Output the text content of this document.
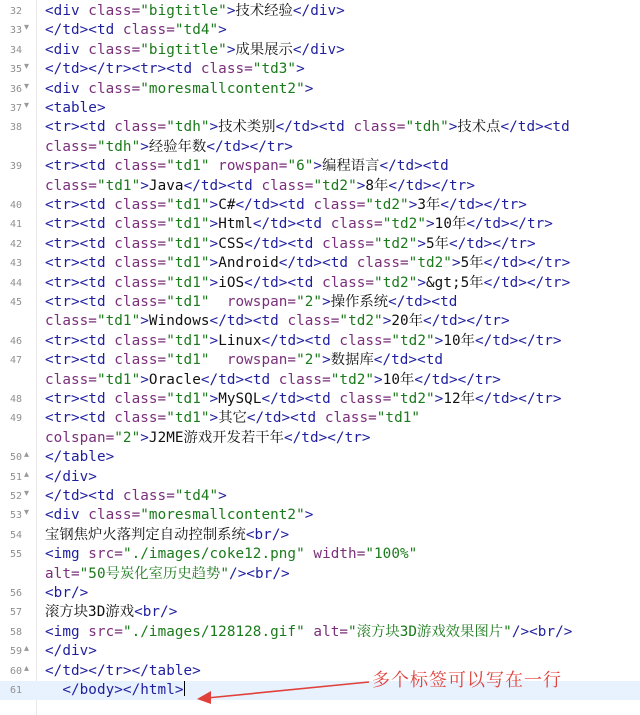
32 <div class="bigtitle">技术经验</div>
33 ▾ </td><td class="td4">
34 <div class="bigtitle">成果展示</div>
35 ▾ </td></tr><tr><td class="td3">
36 ▾ <div class="moresmallcontent2">
37 ▾ <table>
38 <tr><td class="tdh">技术类别</td><td class="tdh">技术点</td><td
class="tdh">经验年数</td></tr>
39 <tr><td class="td1" rowspan="6">编程语言</td><td
class="td1">Java</td><td class="td2">8年</td></tr>
40 <tr><td class="td1">C#</td><td class="td2">3年</td></tr>
41 <tr><td class="td1">Html</td><td class="td2">10年</td></tr>
42 <tr><td class="td1">CSS</td><td class="td2">5年</td></tr>
43 <tr><td class="td1">Android</td><td class="td2">5年</td></tr>
44 <tr><td class="td1">iOS</td><td class="td2">&gt;5年</td></tr>
45 <tr><td class="td1"  rowspan="2">操作系统</td><td
class="td1">Windows</td><td class="td2">20年</td></tr>
46 <tr><td class="td1">Linux</td><td class="td2">10年</td></tr>
47 <tr><td class="td1"  rowspan="2">数据库</td><td
class="td1">Oracle</td><td class="td2">10年</td></tr>
48 <tr><td class="td1">MySQL</td><td class="td2">12年</td></tr>
49 <tr><td class="td1">其它</td><td class="td1"
colspan="2">J2ME游戏开发若干年</td></tr>
50 ▴ </table>
51 ▴ </div>
52 ▾ </td><td class="td4">
53 ▾ <div class="moresmallcontent2">
54 宝钢焦炉火落判定自动控制系统<br/>
55 <img src="./images/coke12.png" width="100%"
alt="50号炭化室历史趋势"/><br/>
56 <br/>
57 滚方块3D游戏<br/>
58 <img src="./images/128128.gif" alt="滚方块3D游戏效果图片"/><br/>
59 ▴ </div>
60 ▴ </td></tr></table>
61 </body></html>	多个标签可以写在一行
